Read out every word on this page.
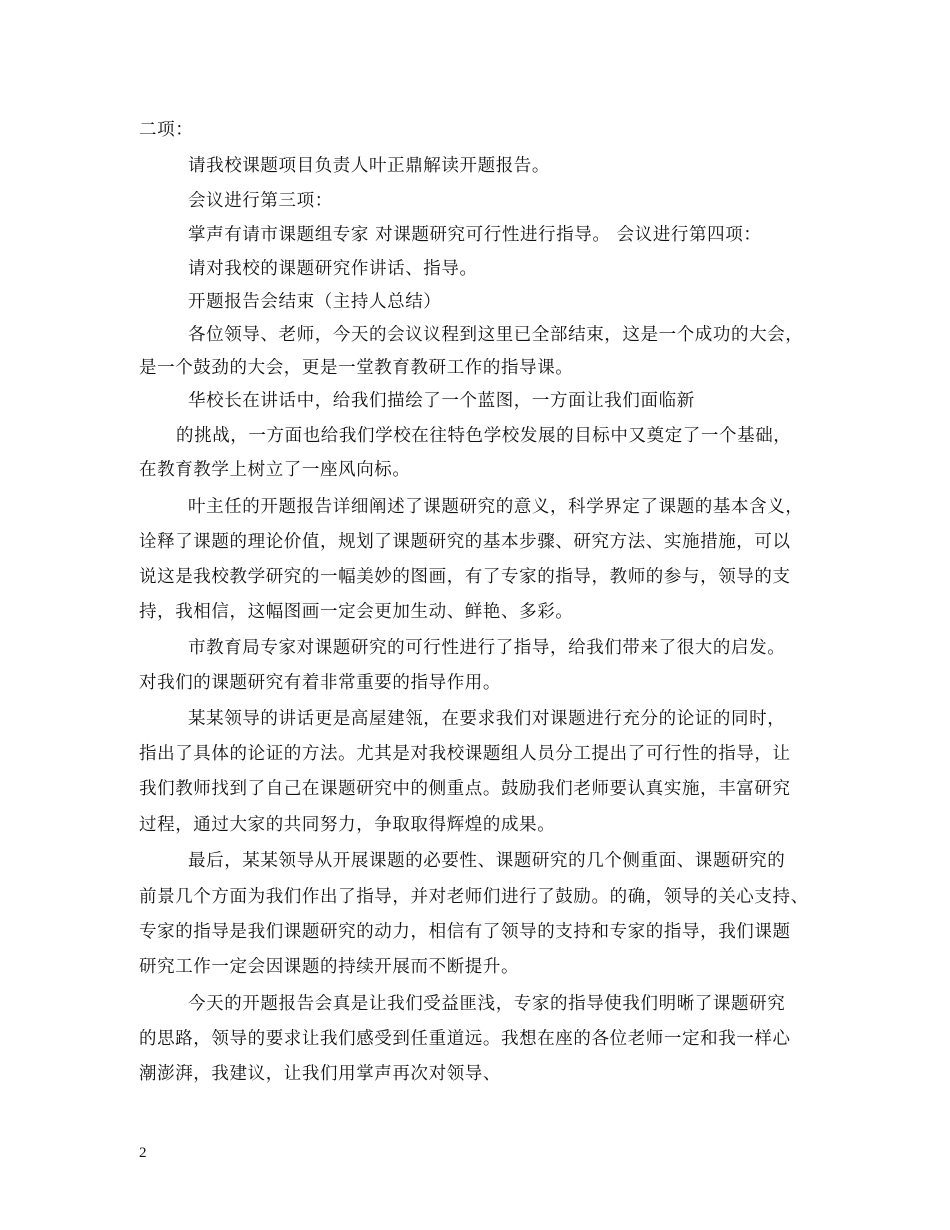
二项：
请我校课题项目负责人叶正鼎解读开题报告。
会议进行第三项：
掌声有请市课题组专家 对课题研究可行性进行指导。 会议进行第四项：
请对我校的课题研究作讲话、指导。
开题报告会结束（主持人总结）
各位领导、老师，今天的会议议程到这里已全部结束，这是一个成功的大会，
是一个鼓劲的大会，更是一堂教育教研工作的指导课。
华校长在讲话中，给我们描绘了一个蓝图，一方面让我们面临新
的挑战，一方面也给我们学校在往特色学校发展的目标中又奠定了一个基础，
在教育教学上树立了一座风向标。
叶主任的开题报告详细阐述了课题研究的意义，科学界定了课题的基本含义，
诠释了课题的理论价值，规划了课题研究的基本步骤、研究方法、实施措施，可以
说这是我校教学研究的一幅美妙的图画，有了专家的指导，教师的参与，领导的支
持，我相信，这幅图画一定会更加生动、鲜艳、多彩。
市教育局专家对课题研究的可行性进行了指导，给我们带来了很大的启发。
对我们的课题研究有着非常重要的指导作用。
某某领导的讲话更是高屋建瓴，在要求我们对课题进行充分的论证的同时，
指出了具体的论证的方法。尤其是对我校课题组人员分工提出了可行性的指导，让
我们教师找到了自己在课题研究中的侧重点。鼓励我们老师要认真实施，丰富研究
过程，通过大家的共同努力，争取取得辉煌的成果。
最后，某某领导从开展课题的必要性、课题研究的几个侧重面、课题研究的
前景几个方面为我们作出了指导，并对老师们进行了鼓励。的确，领导的关心支持、
专家的指导是我们课题研究的动力，相信有了领导的支持和专家的指导，我们课题
研究工作一定会因课题的持续开展而不断提升。
今天的开题报告会真是让我们受益匪浅，专家的指导使我们明晰了课题研究
的思路，领导的要求让我们感受到任重道远。我想在座的各位老师一定和我一样心
潮澎湃，我建议，让我们用掌声再次对领导、
2
